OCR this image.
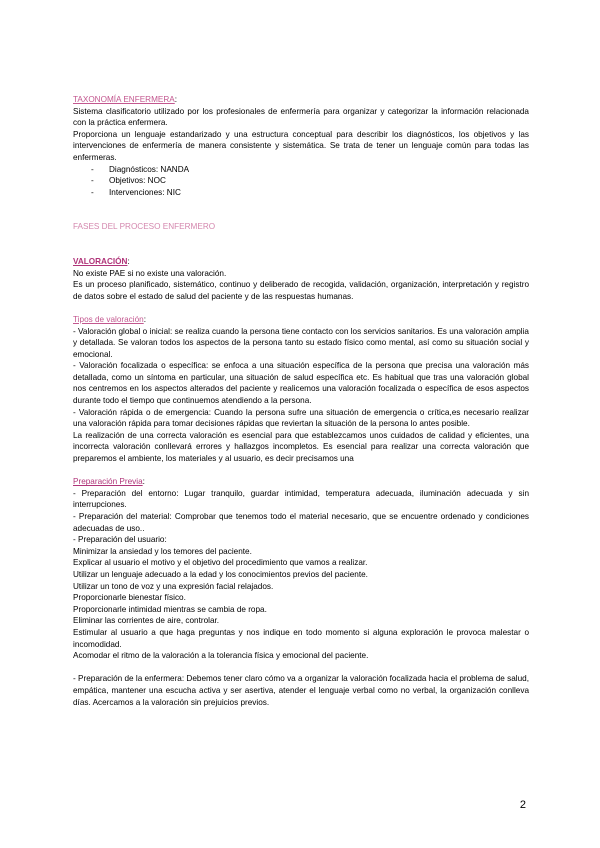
TAXONOMÍA ENFERMERA:

Sistema clasificatorio utilizado por los profesionales de enfermería para organizar y categorizar la información relacionada con la práctica enfermera.

Proporciona un lenguaje estandarizado y una estructura conceptual para describir los diagnósticos, los objetivos y las intervenciones de enfermería de manera consistente y sistemática. Se trata de tener un lenguaje común para todas las enfermeras.

-	Diagnósticos: NANDA
-	Objetivos: NOC
-	Intervenciones: NIC

FASES DEL PROCESO ENFERMERO

VALORACIÓN:

No existe PAE si no existe una valoración.

Es un proceso planificado, sistemático, continuo y deliberado de recogida, validación, organización, interpretación y registro de datos sobre el estado de salud del paciente y de las respuestas humanas.

Tipos de valoración:

- Valoración global o inicial: se realiza cuando la persona tiene contacto con los servicios sanitarios. Es una valoración amplia y detallada. Se valoran todos los aspectos de la persona tanto su estado físico como mental, así como su situación social y emocional.

- Valoración focalizada o específica: se enfoca a una situación específica de la persona que precisa una valoración más detallada, como un síntoma en particular, una situación de salud específica etc. Es habitual que tras una valoración global nos centremos en los aspectos alterados del paciente y realicemos una valoración focalizada o específica de esos aspectos durante todo el tiempo que continuemos atendiendo a la persona.

- Valoración rápida o de emergencia: Cuando la persona sufre una situación de emergencia o crítica,es necesario realizar una valoración rápida para tomar decisiones rápidas que reviertan la situación de la persona lo antes posible.

La realización de una correcta valoración es esencial para que establezcamos unos cuidados de calidad y eficientes, una incorrecta valoración conllevará errores y hallazgos incompletos. Es esencial para realizar una correcta valoración que preparemos el ambiente, los materiales y al usuario, es decir precisamos una

Preparación Previa:

- Preparación del entorno: Lugar tranquilo, guardar intimidad, temperatura adecuada, iluminación adecuada y sin interrupciones.

- Preparación del material: Comprobar que tenemos todo el material necesario, que se encuentre ordenado y condiciones adecuadas de uso..

- Preparación del usuario:

Minimizar la ansiedad y los temores del paciente.

Explicar al usuario el motivo y el objetivo del procedimiento que vamos a realizar.

Utilizar un lenguaje adecuado a la edad y los conocimientos previos del paciente.

Utilizar un tono de voz y una expresión facial relajados.

Proporcionarle bienestar físico.

Proporcionarle intimidad mientras se cambia de ropa.

Eliminar las corrientes de aire, controlar.

Estimular al usuario a que haga preguntas y nos indique en todo momento si alguna exploración le provoca malestar o incomodidad.

Acomodar el ritmo de la valoración a la tolerancia física y emocional del paciente.

- Preparación de la enfermera: Debemos tener claro cómo va a organizar la valoración focalizada hacia el problema de salud, empática, mantener una escucha activa y ser asertiva, atender el lenguaje verbal como no verbal, la organización conlleva días. Acercamos a la valoración sin prejuicios previos.

2
